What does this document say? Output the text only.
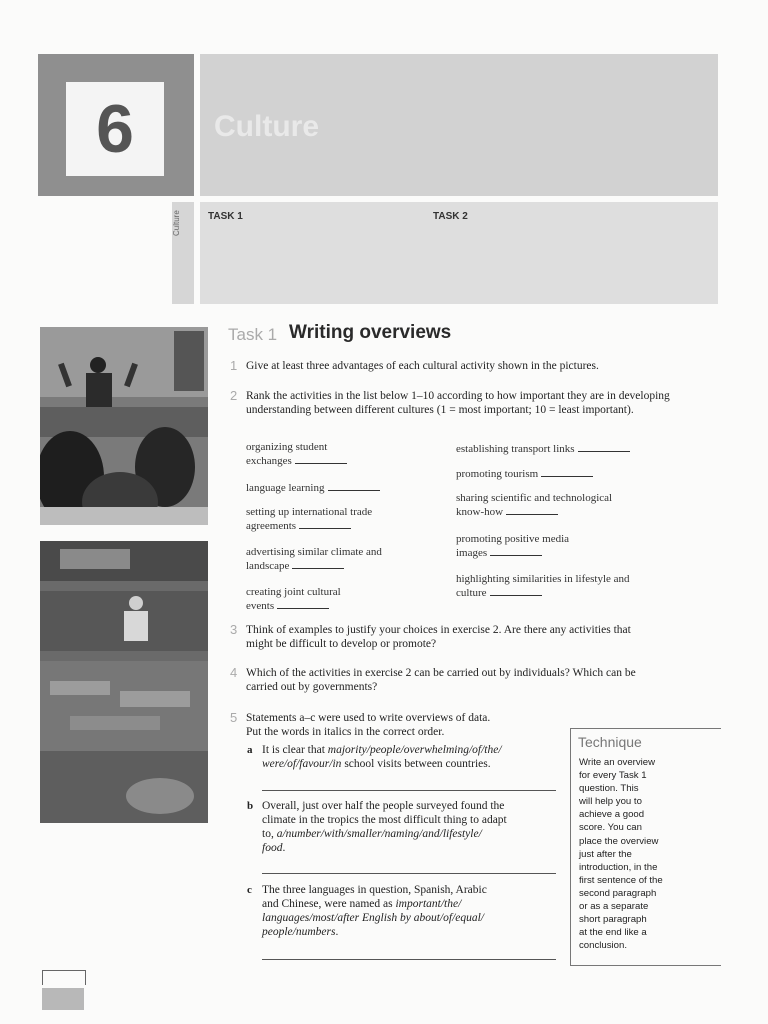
6	Culture
Culture	TASK 1	TASK 2
Task 1 Writing overviews
1 Give at least three advantages of each cultural activity shown in the pictures.
2 Rank the activities in the list below 1–10 according to how important they are in developing understanding between different cultures (1 = most important; 10 = least important).
organizing student
exchanges
language learning
setting up international trade
agreements
advertising similar climate and
landscape
creating joint cultural
events
establishing transport links
promoting tourism
sharing scientific and technological
know-how
promoting positive media
images
highlighting similarities in lifestyle and
culture
3 Think of examples to justify your choices in exercise 2. Are there any activities that might be difficult to develop or promote?
4 Which of the activities in exercise 2 can be carried out by individuals? Which can be carried out by governments?
5 Statements a–c were used to write overviews of data.
Put the words in italics in the correct order.
a It is clear that majority/people/overwhelming/of/the/
were/of/favour/in school visits between countries.
b Overall, just over half the people surveyed found the
climate in the tropics the most difficult thing to adapt
to, a/number/with/smaller/naming/and/lifestyle/
food.
c The three languages in question, Spanish, Arabic
and Chinese, were named as important/the/
languages/most/after English by about/of/equal/
people/numbers.
Technique
Write an overview
for every Task 1
question. This
will help you to
achieve a good
score. You can
place the overview
just after the
introduction, in the
first sentence of the
second paragraph
or as a separate
short paragraph
at the end like a
conclusion.
